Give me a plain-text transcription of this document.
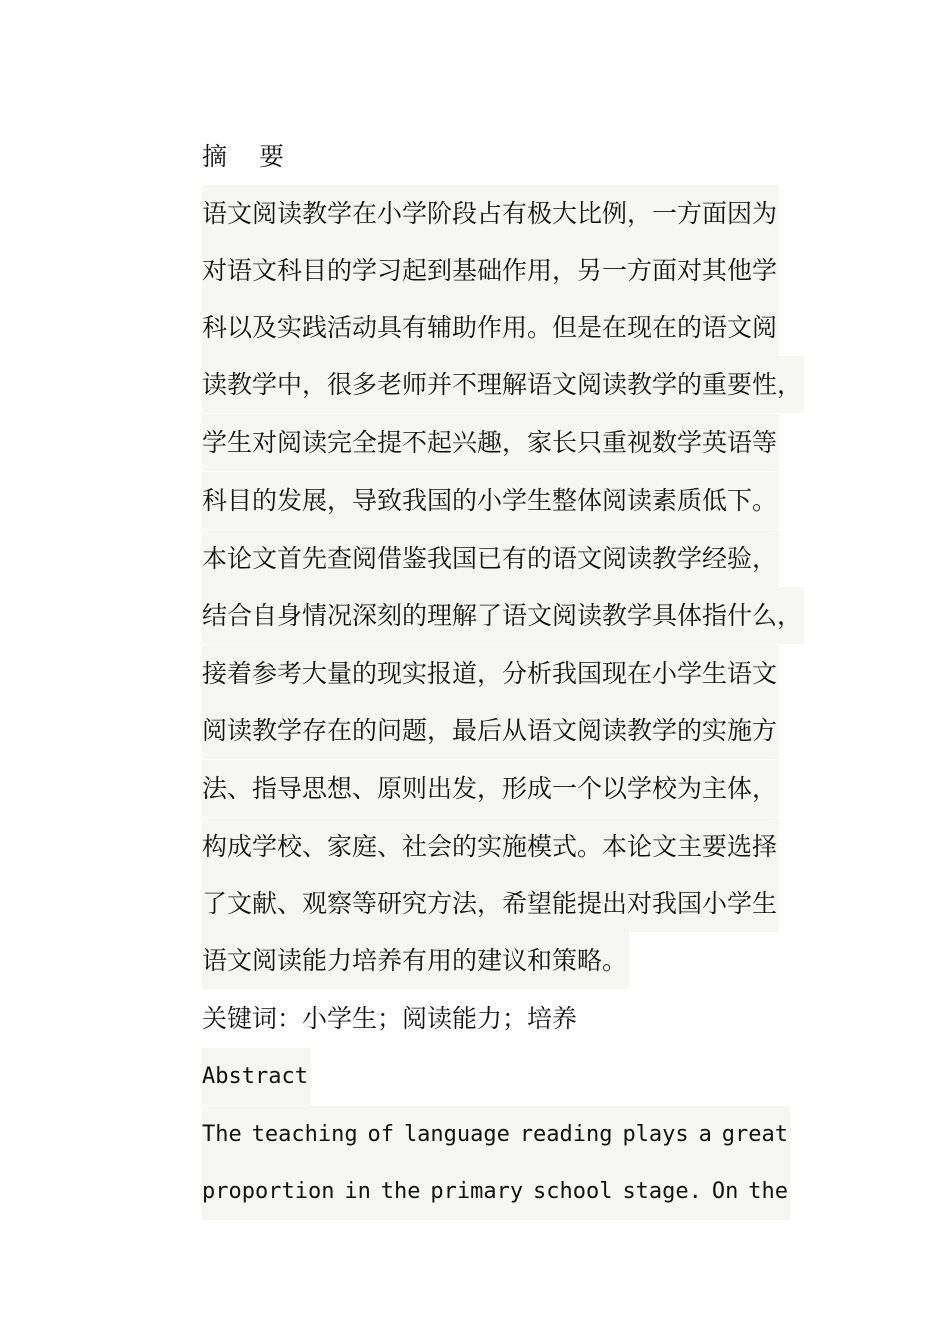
摘 要
语文阅读教学在小学阶段占有极大比例，一方面因为
对语文科目的学习起到基础作用，另一方面对其他学
科以及实践活动具有辅助作用。但是在现在的语文阅
读教学中，很多老师并不理解语文阅读教学的重要性，
学生对阅读完全提不起兴趣，家长只重视数学英语等
科目的发展，导致我国的小学生整体阅读素质低下。
本论文首先查阅借鉴我国已有的语文阅读教学经验，
结合自身情况深刻的理解了语文阅读教学具体指什么，
接着参考大量的现实报道，分析我国现在小学生语文
阅读教学存在的问题，最后从语文阅读教学的实施方
法、指导思想、原则出发，形成一个以学校为主体，
构成学校、家庭、社会的实施模式。本论文主要选择
了文献、观察等研究方法，希望能提出对我国小学生
语文阅读能力培养有用的建议和策略。
关键词：小学生；阅读能力；培养
Abstract
The teaching of language reading plays a great
proportion in the primary school stage. On the
